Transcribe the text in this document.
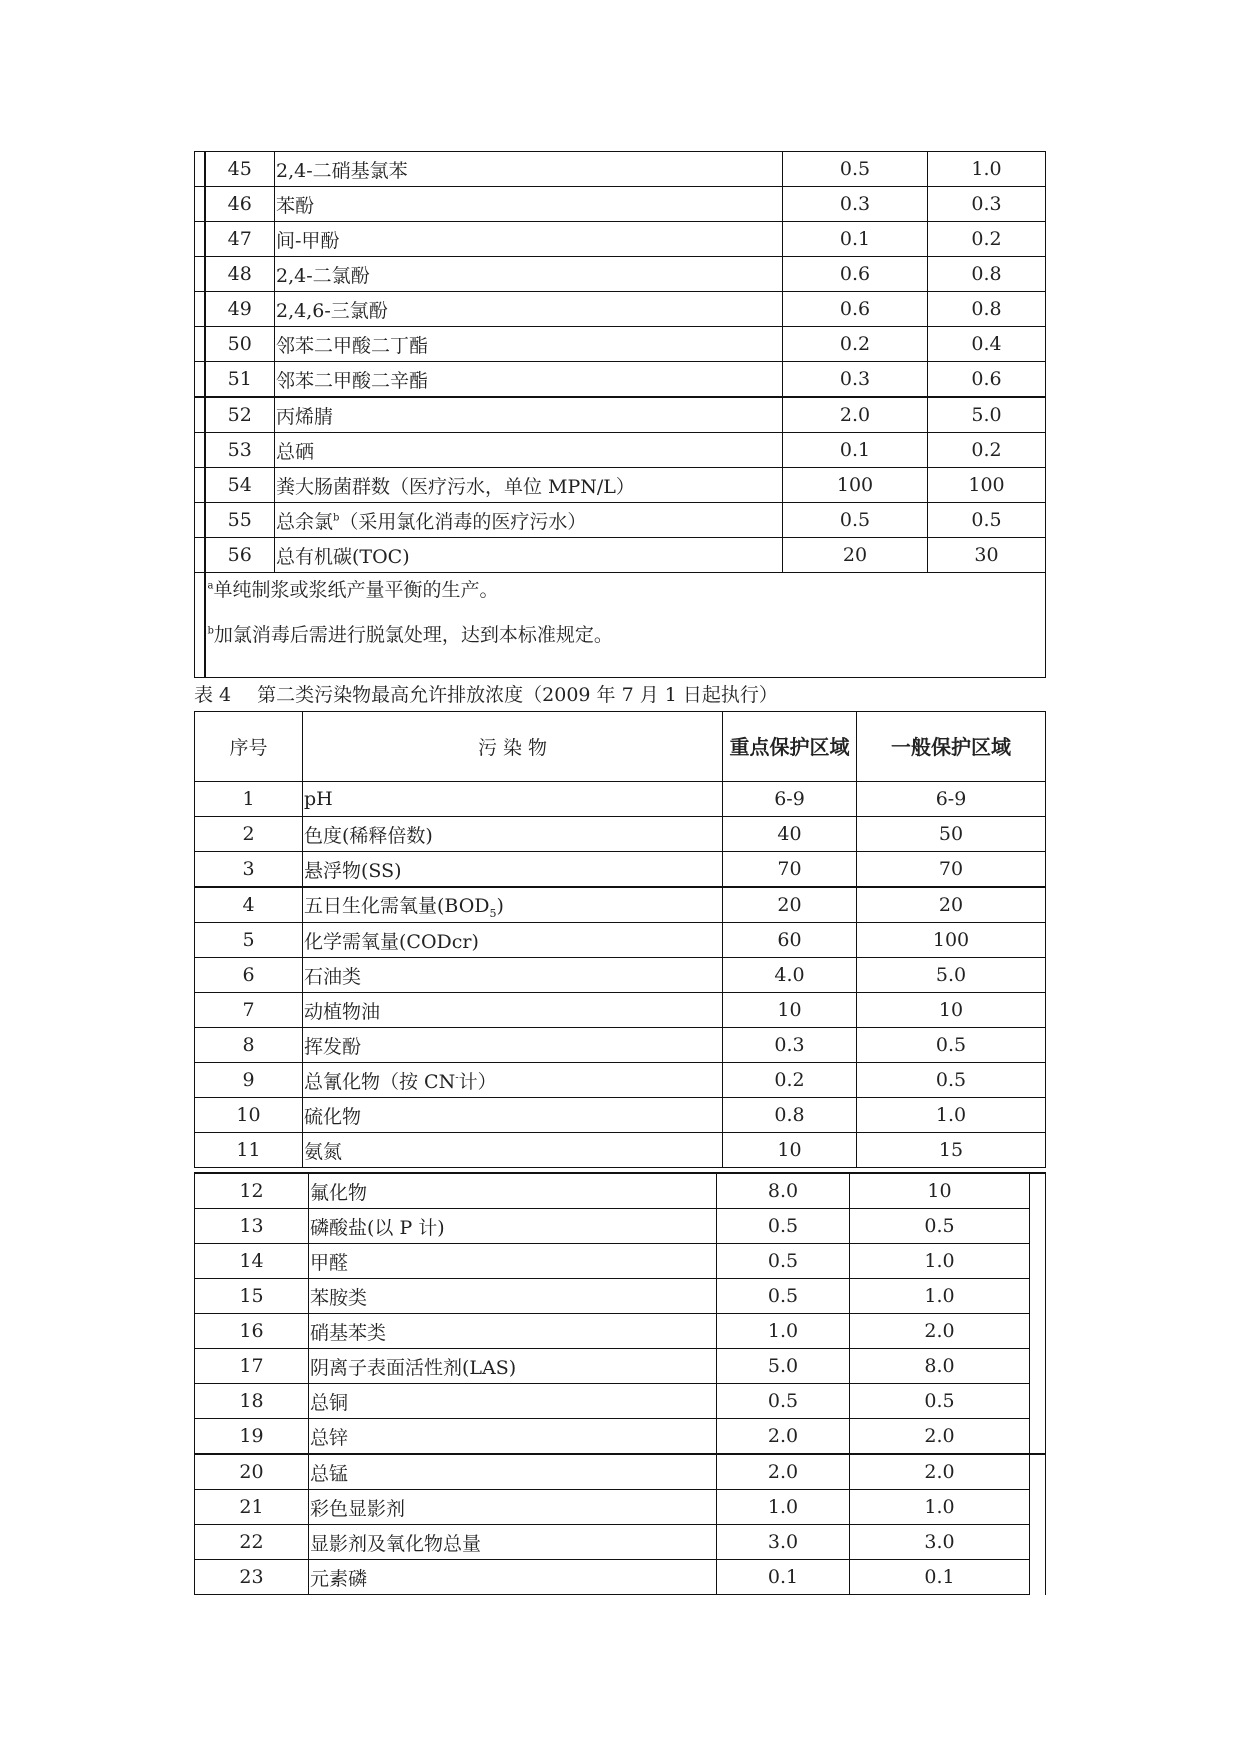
	45	2,4-二硝基氯苯	0.5	1.0
	46	苯酚	0.3	0.3
	47	间-甲酚	0.1	0.2
	48	2,4-二氯酚	0.6	0.8
	49	2,4,6-三氯酚	0.6	0.8
	50	邻苯二甲酸二丁酯	0.2	0.4
	51	邻苯二甲酸二辛酯	0.3	0.6
	52	丙烯腈	2.0	5.0
	53	总硒	0.1	0.2
	54	粪大肠菌群数（医疗污水，单位 MPN/L）	100	100
	55	总余氯$^b$（采用氯化消毒的医疗污水）	0.5	0.5
	56	总有机碳(TOC)	20	30

	$^a$单纯制浆或浆纸产量平衡的生产。

$^b$加氯消毒后需进行脱氯处理，达到本标准规定。			

表 4 第二类污染物最高允许排放浓度（2009 年 7 月 1 日起执行）

序号	污 染 物	重点保护区域	一般保护区域
1	pH	6-9	6-9
2	色度(稀释倍数)	40	50
3	悬浮物(SS)	70	70
4	五日生化需氧量$(BOD_5)$	20	20
5	化学需氧量(CODcr)	60	100
6	石油类	4.0	5.0
7	动植物油	10	10
8	挥发酚	0.3	0.5
9	总氰化物（按 CN-计）	0.2	0.5
10	硫化物	0.8	1.0
11	氨氮	10	15
12	氟化物	8.0	10	
13	磷酸盐(以 P 计)	0.5	0.5	
14	甲醛	0.5	1.0	
15	苯胺类	0.5	1.0	
16	硝基苯类	1.0	2.0	
17	阴离子表面活性剂(LAS)	5.0	8.0	
18	总铜	0.5	0.5	
19	总锌	2.0	2.0	
20	总锰	2.0	2.0	
21	彩色显影剂	1.0	1.0	
22	显影剂及氧化物总量	3.0	3.0	
23	元素磷	0.1	0.1	
